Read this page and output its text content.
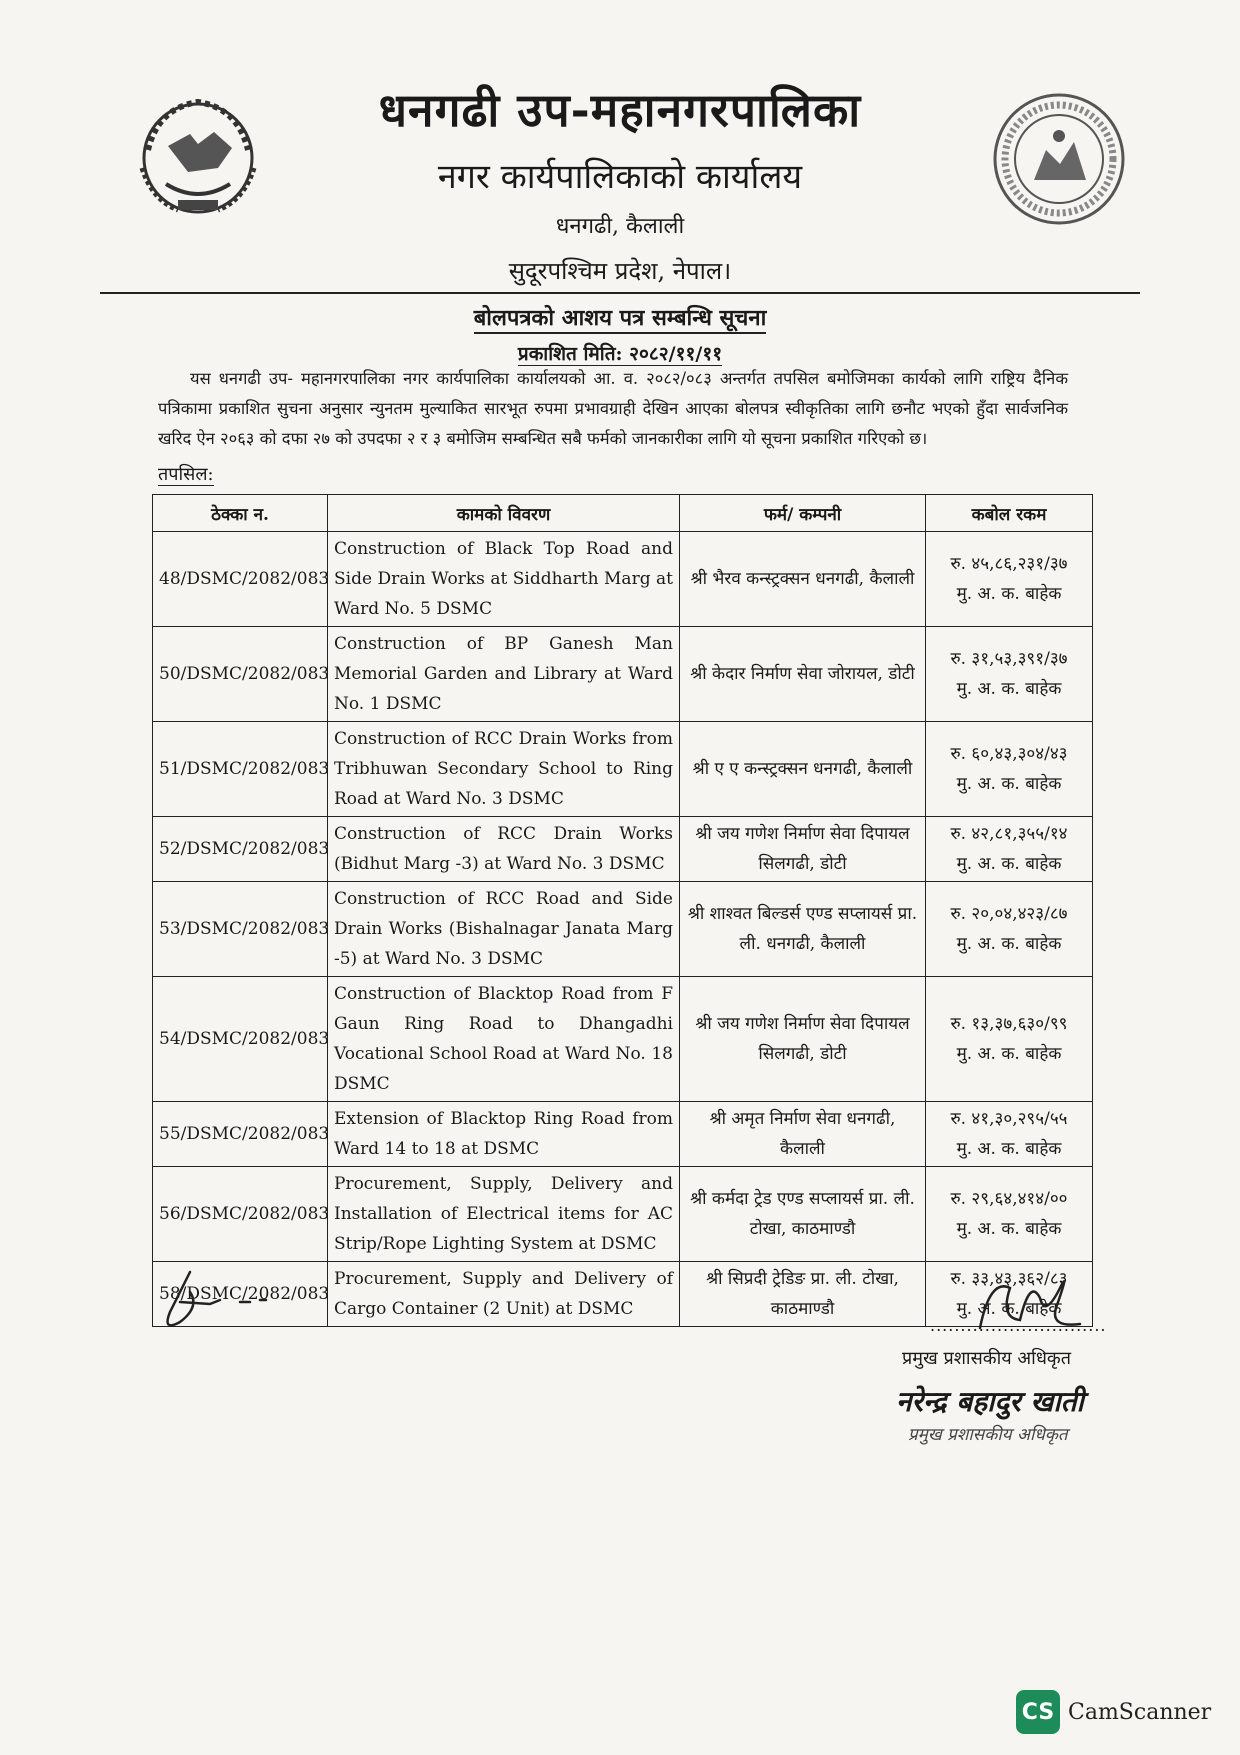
धनगढी उप-महानगरपालिका
नगर कार्यपालिकाको कार्यालय
धनगढी, कैलाली
सुदूरपश्चिम प्रदेश, नेपाल।
बोलपत्रको आशय पत्र सम्बन्धि सूचना
प्रकाशित मिति: २०८२/११/११
यस धनगढी उप- महानगरपालिका नगर कार्यपालिका कार्यालयको आ. व. २०८२/०८३ अन्तर्गत तपसिल बमोजिमका कार्यको लागि राष्ट्रिय दैनिक पत्रिकामा प्रकाशित सुचना अनुसार न्युनतम मुल्याकित सारभूत रुपमा प्रभावग्राही देखिन आएका बोलपत्र स्वीकृतिका लागि छनौट भएको हुँदा सार्वजनिक खरिद ऐन २०६३ को दफा २७ को उपदफा २ र ३ बमोजिम सम्बन्धित सबै फर्मको जानकारीका लागि यो सूचना प्रकाशित गरिएको छ।
तपसिल:
ठेक्का न.	कामको विवरण	फर्म/ कम्पनी	कबोल रकम
48/DSMC/2082/083	Construction of Black Top Road and Side Drain Works at Siddharth Marg at Ward No. 5 DSMC	श्री भैरव कन्स्ट्रक्सन धनगढी, कैलाली	रु. ४५,८६,२३१/३७
मु. अ. क. बाहेक

50/DSMC/2082/083	Construction of BP Ganesh Man Memorial Garden and Library at Ward No. 1 DSMC	श्री केदार निर्माण सेवा जोरायल, डोटी	रु. ३१,५३,३९१/३७
मु. अ. क. बाहेक

51/DSMC/2082/083	Construction of RCC Drain Works from Tribhuwan Secondary School to Ring Road at Ward No. 3 DSMC	श्री ए ए कन्स्ट्रक्सन धनगढी, कैलाली	रु. ६०,४३,३०४/४३
मु. अ. क. बाहेक

52/DSMC/2082/083	Construction of RCC Drain Works (Bidhut Marg -3) at Ward No. 3 DSMC	श्री जय गणेश निर्माण सेवा दिपायल सिलगढी, डोटी	रु. ४२,८१,३५५/१४
मु. अ. क. बाहेक

53/DSMC/2082/083	Construction of RCC Road and Side Drain Works (Bishalnagar Janata Marg -5) at Ward No. 3 DSMC	श्री शाश्वत बिल्डर्स एण्ड सप्लायर्स प्रा. ली. धनगढी, कैलाली	रु. २०,०४,४२३/८७
मु. अ. क. बाहेक

54/DSMC/2082/083	Construction of Blacktop Road from F Gaun Ring Road to Dhangadhi Vocational School Road at Ward No. 18 DSMC	श्री जय गणेश निर्माण सेवा दिपायल सिलगढी, डोटी	रु. १३,३७,६३०/९९
मु. अ. क. बाहेक

55/DSMC/2082/083	Extension of Blacktop Ring Road from Ward 14 to 18 at DSMC	श्री अमृत निर्माण सेवा धनगढी, कैलाली	रु. ४१,३०,२९५/५५
मु. अ. क. बाहेक

56/DSMC/2082/083	Procurement, Supply, Delivery and Installation of Electrical items for AC Strip/Rope Lighting System at DSMC	श्री कर्मदा ट्रेड एण्ड सप्लायर्स प्रा. ली. टोखा, काठमाण्डौ	रु. २९,६४,४१४/००
मु. अ. क. बाहेक

58/DSMC/2082/083	Procurement, Supply and Delivery of Cargo Container (2 Unit) at DSMC	श्री सिप्रदी ट्रेडिङ प्रा. ली. टोखा, काठमाण्डौ	रु. ३३,४३,३६२/८३
मु. अ. क. बाहेक
.............................
प्रमुख प्रशासकीय अधिकृत
नरेन्द्र बहादुर खाती
प्रमुख प्रशासकीय अधिकृत
CS CamScanner
